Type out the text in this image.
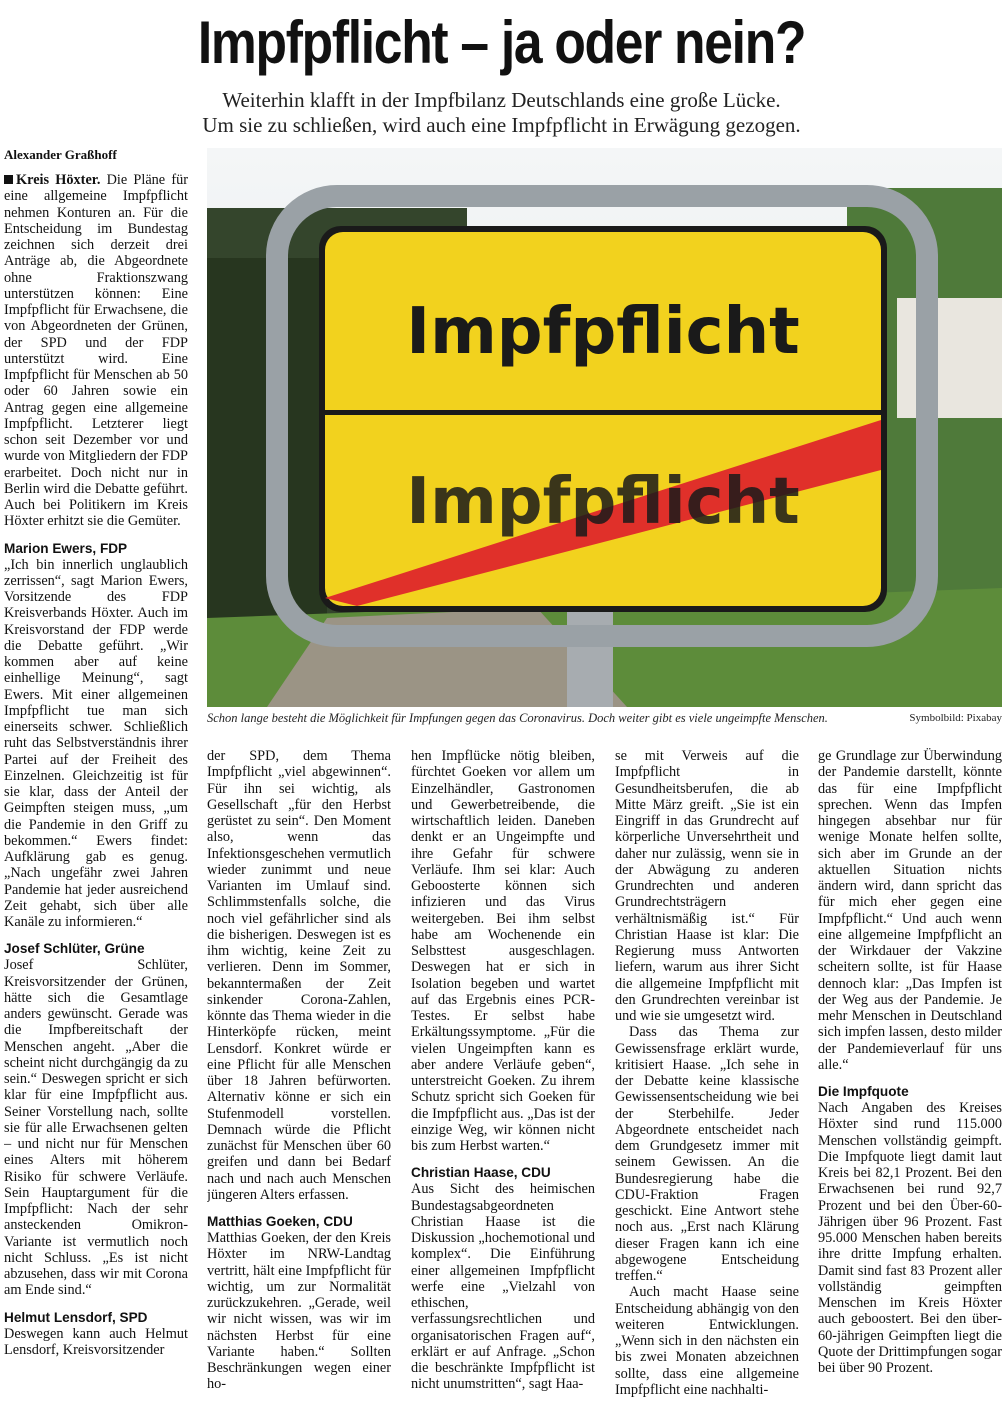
Impfpflicht – ja oder nein?
Weiterhin klafft in der Impfbilanz Deutschlands eine große Lücke.
Um sie zu schließen, wird auch eine Impfpflicht in Erwägung gezogen.
Alexander Graßhoff

Kreis Höxter. Die Pläne für eine allgemeine Impfpflicht nehmen Konturen an. Für die Entscheidung im Bundestag zeichnen sich derzeit drei Anträge ab, die Abgeordnete ohne Fraktionszwang unterstützen können: Eine Impfpflicht für Erwachsene, die von Abgeordneten der Grünen, der SPD und der FDP unterstützt wird. Eine Impfpflicht für Menschen ab 50 oder 60 Jahren sowie ein Antrag gegen eine allgemeine Impfpflicht. Letzterer liegt schon seit Dezember vor und wurde von Mitgliedern der FDP erarbeitet. Doch nicht nur in Berlin wird die Debatte geführt. Auch bei Politikern im Kreis Höxter erhitzt sie die Gemüter.

Marion Ewers, FDP

„Ich bin innerlich unglaublich zerrissen“, sagt Marion Ewers, Vorsitzende des FDP Kreisverbands Höxter. Auch im Kreisvorstand der FDP werde die Debatte geführt. „Wir kommen aber auf keine einhellige Meinung“, sagt Ewers. Mit einer allgemeinen Impfpflicht tue man sich einerseits schwer. Schließlich ruht das Selbstverständnis ihrer Partei auf der Freiheit des Einzelnen. Gleichzeitig ist für sie klar, dass der Anteil der Geimpften steigen muss, „um die Pandemie in den Griff zu bekommen.“ Ewers findet: Aufklärung gab es genug. „Nach ungefähr zwei Jahren Pandemie hat jeder ausreichend Zeit gehabt, sich über alle Kanäle zu informieren.“

Josef Schlüter, Grüne

Josef Schlüter, Kreisvorsitzender der Grünen, hätte sich die Gesamtlage anders gewünscht. Gerade was die Impfbereitschaft der Menschen angeht. „Aber die scheint nicht durchgängig da zu sein.“ Deswegen spricht er sich klar für eine Impfpflicht aus. Seiner Vorstellung nach, sollte sie für alle Erwachsenen gelten – und nicht nur für Menschen eines Alters mit höherem Risiko für schwere Verläufe. Sein Hauptargument für die Impfpflicht: Nach der sehr ansteckenden Omikron-Variante ist vermutlich noch nicht Schluss. „Es ist nicht abzusehen, dass wir mit Corona am Ende sind.“

Helmut Lensdorf, SPD

Deswegen kann auch Helmut Lensdorf, Kreisvorsitzender

Impfpflicht
Impfpflicht
Schon lange besteht die Möglichkeit für Impfungen gegen das Coronavirus. Doch weiter gibt es viele ungeimpfte Menschen.	Symbolbild: Pixabay

der SPD, dem Thema Impfpflicht „viel abgewinnen“. Für ihn sei wichtig, als Gesellschaft „für den Herbst gerüstet zu sein“. Den Moment also, wenn das Infektionsgeschehen vermutlich wieder zunimmt und neue Varianten im Umlauf sind. Schlimmstenfalls solche, die noch viel gefährlicher sind als die bisherigen. Deswegen ist es ihm wichtig, keine Zeit zu verlieren. Denn im Sommer, bekanntermaßen der Zeit sinkender Corona-Zahlen, könnte das Thema wieder in die Hinterköpfe rücken, meint Lensdorf. Konkret würde er eine Pflicht für alle Menschen über 18 Jahren befürworten. Alternativ könne er sich ein Stufenmodell vorstellen. Demnach würde die Pflicht zunächst für Menschen über 60 greifen und dann bei Bedarf nach und nach auch Menschen jüngeren Alters erfassen.

Matthias Goeken, CDU

Matthias Goeken, der den Kreis Höxter im NRW-Landtag vertritt, hält eine Impfpflicht für wichtig, um zur Normalität zurückzukehren. „Gerade, weil wir nicht wissen, was wir im nächsten Herbst für eine Variante haben.“ Sollten Beschränkungen wegen einer ho-

hen Impflücke nötig bleiben, fürchtet Goeken vor allem um Einzelhändler, Gastronomen und Gewerbetreibende, die wirtschaftlich leiden. Daneben denkt er an Ungeimpfte und ihre Gefahr für schwere Verläufe. Ihm sei klar: Auch Geboosterte können sich infizieren und das Virus weitergeben. Bei ihm selbst habe am Wochenende ein Selbsttest ausgeschlagen. Deswegen hat er sich in Isolation begeben und wartet auf das Ergebnis eines PCR-Testes. Er selbst habe Erkältungssymptome. „Für die vielen Ungeimpften kann es aber andere Verläufe geben“, unterstreicht Goeken. Zu ihrem Schutz spricht sich Goeken für die Impfpflicht aus. „Das ist der einzige Weg, wir können nicht bis zum Herbst warten.“

Christian Haase, CDU

Aus Sicht des heimischen Bundestagsabgeordneten Christian Haase ist die Diskussion „hochemotional und komplex“. Die Einführung einer allgemeinen Impfpflicht werfe eine „Vielzahl von ethischen, verfassungsrechtlichen und organisatorischen Fragen auf“, erklärt er auf Anfrage. „Schon die beschränkte Impfpflicht ist nicht unumstritten“, sagt Haa-

se mit Verweis auf die Impfpflicht in Gesundheitsberufen, die ab Mitte März greift. „Sie ist ein Eingriff in das Grundrecht auf körperliche Unversehrtheit und daher nur zulässig, wenn sie in der Abwägung zu anderen Grundrechten und anderen Grundrechtsträgern verhältnismäßig ist.“ Für Christian Haase ist klar: Die Regierung muss Antworten liefern, warum aus ihrer Sicht die allgemeine Impfpflicht mit den Grundrechten vereinbar ist und wie sie umgesetzt wird.

Dass das Thema zur Gewissensfrage erklärt wurde, kritisiert Haase. „Ich sehe in der Debatte keine klassische Gewissensentscheidung wie bei der Sterbehilfe. Jeder Abgeordnete entscheidet nach dem Grundgesetz immer mit seinem Gewissen. An die Bundesregierung habe die CDU-Fraktion Fragen geschickt. Eine Antwort stehe noch aus. „Erst nach Klärung dieser Fragen kann ich eine abgewogene Entscheidung treffen.“

Auch macht Haase seine Entscheidung abhängig von den weiteren Entwicklungen. „Wenn sich in den nächsten ein bis zwei Monaten abzeichnen sollte, dass eine allgemeine Impfpflicht eine nachhalti-

ge Grundlage zur Überwindung der Pandemie darstellt, könnte das für eine Impfpflicht sprechen. Wenn das Impfen hingegen absehbar nur für wenige Monate helfen sollte, sich aber im Grunde an der aktuellen Situation nichts ändern wird, dann spricht das für mich eher gegen eine Impfpflicht.“ Und auch wenn eine allgemeine Impfpflicht an der Wirkdauer der Vakzine scheitern sollte, ist für Haase dennoch klar: „Das Impfen ist der Weg aus der Pandemie. Je mehr Menschen in Deutschland sich impfen lassen, desto milder der Pandemieverlauf für uns alle.“

Die Impfquote

Nach Angaben des Kreises Höxter sind rund 115.000 Menschen vollständig geimpft. Die Impfquote liegt damit laut Kreis bei 82,1 Prozent. Bei den Erwachsenen bei rund 92,7 Prozent und bei den Über-60-Jährigen über 96 Prozent. Fast 95.000 Menschen haben bereits ihre dritte Impfung erhalten. Damit sind fast 83 Prozent aller vollständig geimpften Menschen im Kreis Höxter auch geboostert. Bei den über-60-jährigen Geimpften liegt die Quote der Drittimpfungen sogar bei über 90 Prozent.
